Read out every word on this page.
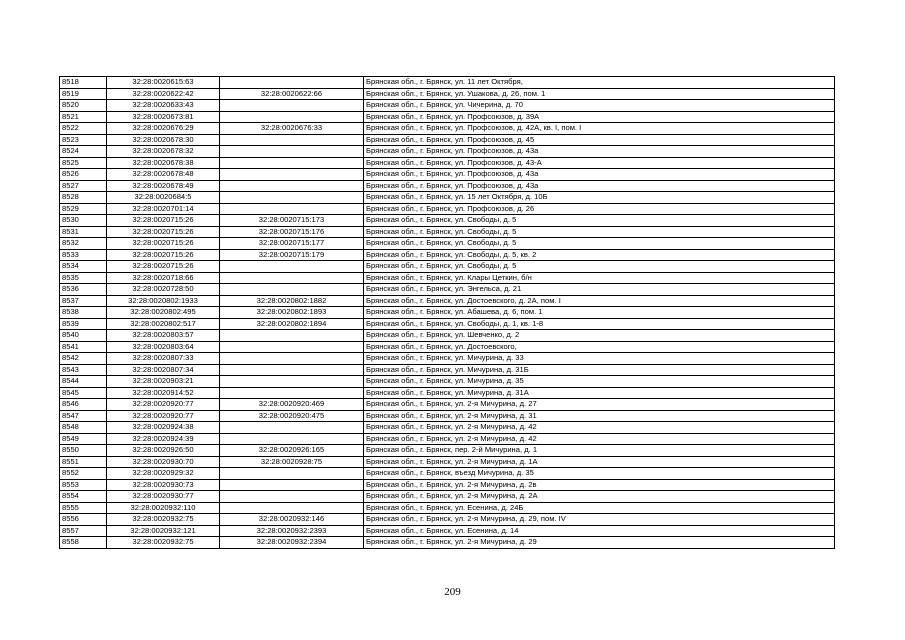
8518	32:28:0020615:63		Брянская обл., г. Брянск, ул. 11 лет Октября,
8519	32:28:0020622:42	32:28:0020622:66	Брянская обл., г. Брянск, ул. Ушакова, д. 26, пом. 1
8520	32:28:0020633:43		Брянская обл., г. Брянск, ул. Чичерина, д. 70
8521	32:28:0020673:81		Брянская обл., г. Брянск, ул. Профсоюзов, д. 39А
8522	32:28:0020676:29	32:28:0020676:33	Брянская обл., г. Брянск, ул. Профсоюзов, д. 42А, кв. I, пом. I
8523	32:28:0020678:30		Брянская обл., г. Брянск, ул. Профсоюзов, д. 45
8524	32:28:0020678:32		Брянская обл., г. Брянск, ул. Профсоюзов, д. 43а
8525	32:28:0020678:38		Брянская обл., г. Брянск, ул. Профсоюзов, д. 43-А
8526	32:28:0020678:48		Брянская обл., г. Брянск, ул. Профсоюзов, д. 43а
8527	32:28:0020678:49		Брянская обл., г. Брянск, ул. Профсоюзов, д. 43а
8528	32:28:0020684:5		Брянская обл., г. Брянск, ул. 15 лет Октября, д. 10Б
8529	32:28:0020701:14		Брянская обл., г. Брянск, ул. Профсоюзов, д. 26
8530	32:28:0020715:26	32:28:0020715:173	Брянская обл., г. Брянск, ул. Свободы, д. 5
8531	32:28:0020715:26	32:28:0020715:176	Брянская обл., г. Брянск, ул. Свободы, д. 5
8532	32:28:0020715:26	32:28:0020715:177	Брянская обл., г. Брянск, ул. Свободы, д. 5
8533	32:28:0020715:26	32:28:0020715:179	Брянская обл., г. Брянск, ул. Свободы, д. 5, кв. 2
8534	32:28:0020715:26		Брянская обл., г. Брянск, ул. Свободы, д. 5
8535	32:28:0020718:66		Брянская обл., г. Брянск, ул. Клары Цеткин, б/н
8536	32:28:0020728:50		Брянская обл., г. Брянск, ул. Энгельса, д. 21
8537	32:28:0020802:1933	32:28:0020802:1882	Брянская обл., г. Брянск, ул. Достоевского, д. 2А, пом. I
8538	32:28:0020802:495	32:28:0020802:1893	Брянская обл., г. Брянск, ул. Абашева, д. 6, пом. 1
8539	32:28:0020802:517	32:28:0020802:1894	Брянская обл., г. Брянск, ул. Свободы, д. 1, кв. 1-8
8540	32:28:0020803:57		Брянская обл., г. Брянск, ул. Шевченко, д. 2
8541	32:28:0020803:64		Брянская обл., г. Брянск, ул. Достоевского,
8542	32:28:0020807:33		Брянская обл., г. Брянск, ул. Мичурина, д. 33
8543	32:28:0020807:34		Брянская обл., г. Брянск, ул. Мичурина, д. 31Б
8544	32:28:0020903:21		Брянская обл., г. Брянск, ул. Мичурина, д. 35
8545	32:28:0020914:52		Брянская обл., г. Брянск, ул. Мичурина, д. 31А
8546	32:28:0020920:77	32:28:0020920:469	Брянская обл., г. Брянск, ул. 2-я Мичурина, д. 27
8547	32:28:0020920:77	32:28:0020920:475	Брянская обл., г. Брянск, ул. 2-я Мичурина, д. 31
8548	32:28:0020924:38		Брянская обл., г. Брянск, ул. 2-я Мичурина, д. 42
8549	32:28:0020924:39		Брянская обл., г. Брянск, ул. 2-я Мичурина, д. 42
8550	32:28:0020926:50	32:28:0020926:165	Брянская обл., г. Брянск, пер. 2-й Мичурина, д. 1
8551	32:28:0020930:70	32:28:0020928:75	Брянская обл., г. Брянск, ул. 2-я Мичурина, д. 1А
8552	32:28:0020929:32		Брянская обл., г. Брянск, въезд Мичурина, д. 35
8553	32:28:0020930:73		Брянская обл., г. Брянск, ул. 2-я Мичурина, д. 2в
8554	32:28:0020930:77		Брянская обл., г. Брянск, ул. 2-я Мичурина, д. 2А
8555	32:28:0020932:110		Брянская обл., г. Брянск, ул. Есенина, д. 24Б
8556	32:28:0020932:75	32:28:0020932:146	Брянская обл., г. Брянск, ул. 2-я Мичурина, д. 29, пом. IV
8557	32:28:0020932:121	32:28:0020932:2393	Брянская обл., г. Брянск, ул. Есенина, д. 14
8558	32:28:0020932:75	32:28:0020932:2394	Брянская обл., г. Брянск, ул. 2-я Мичурина, д. 29
209
